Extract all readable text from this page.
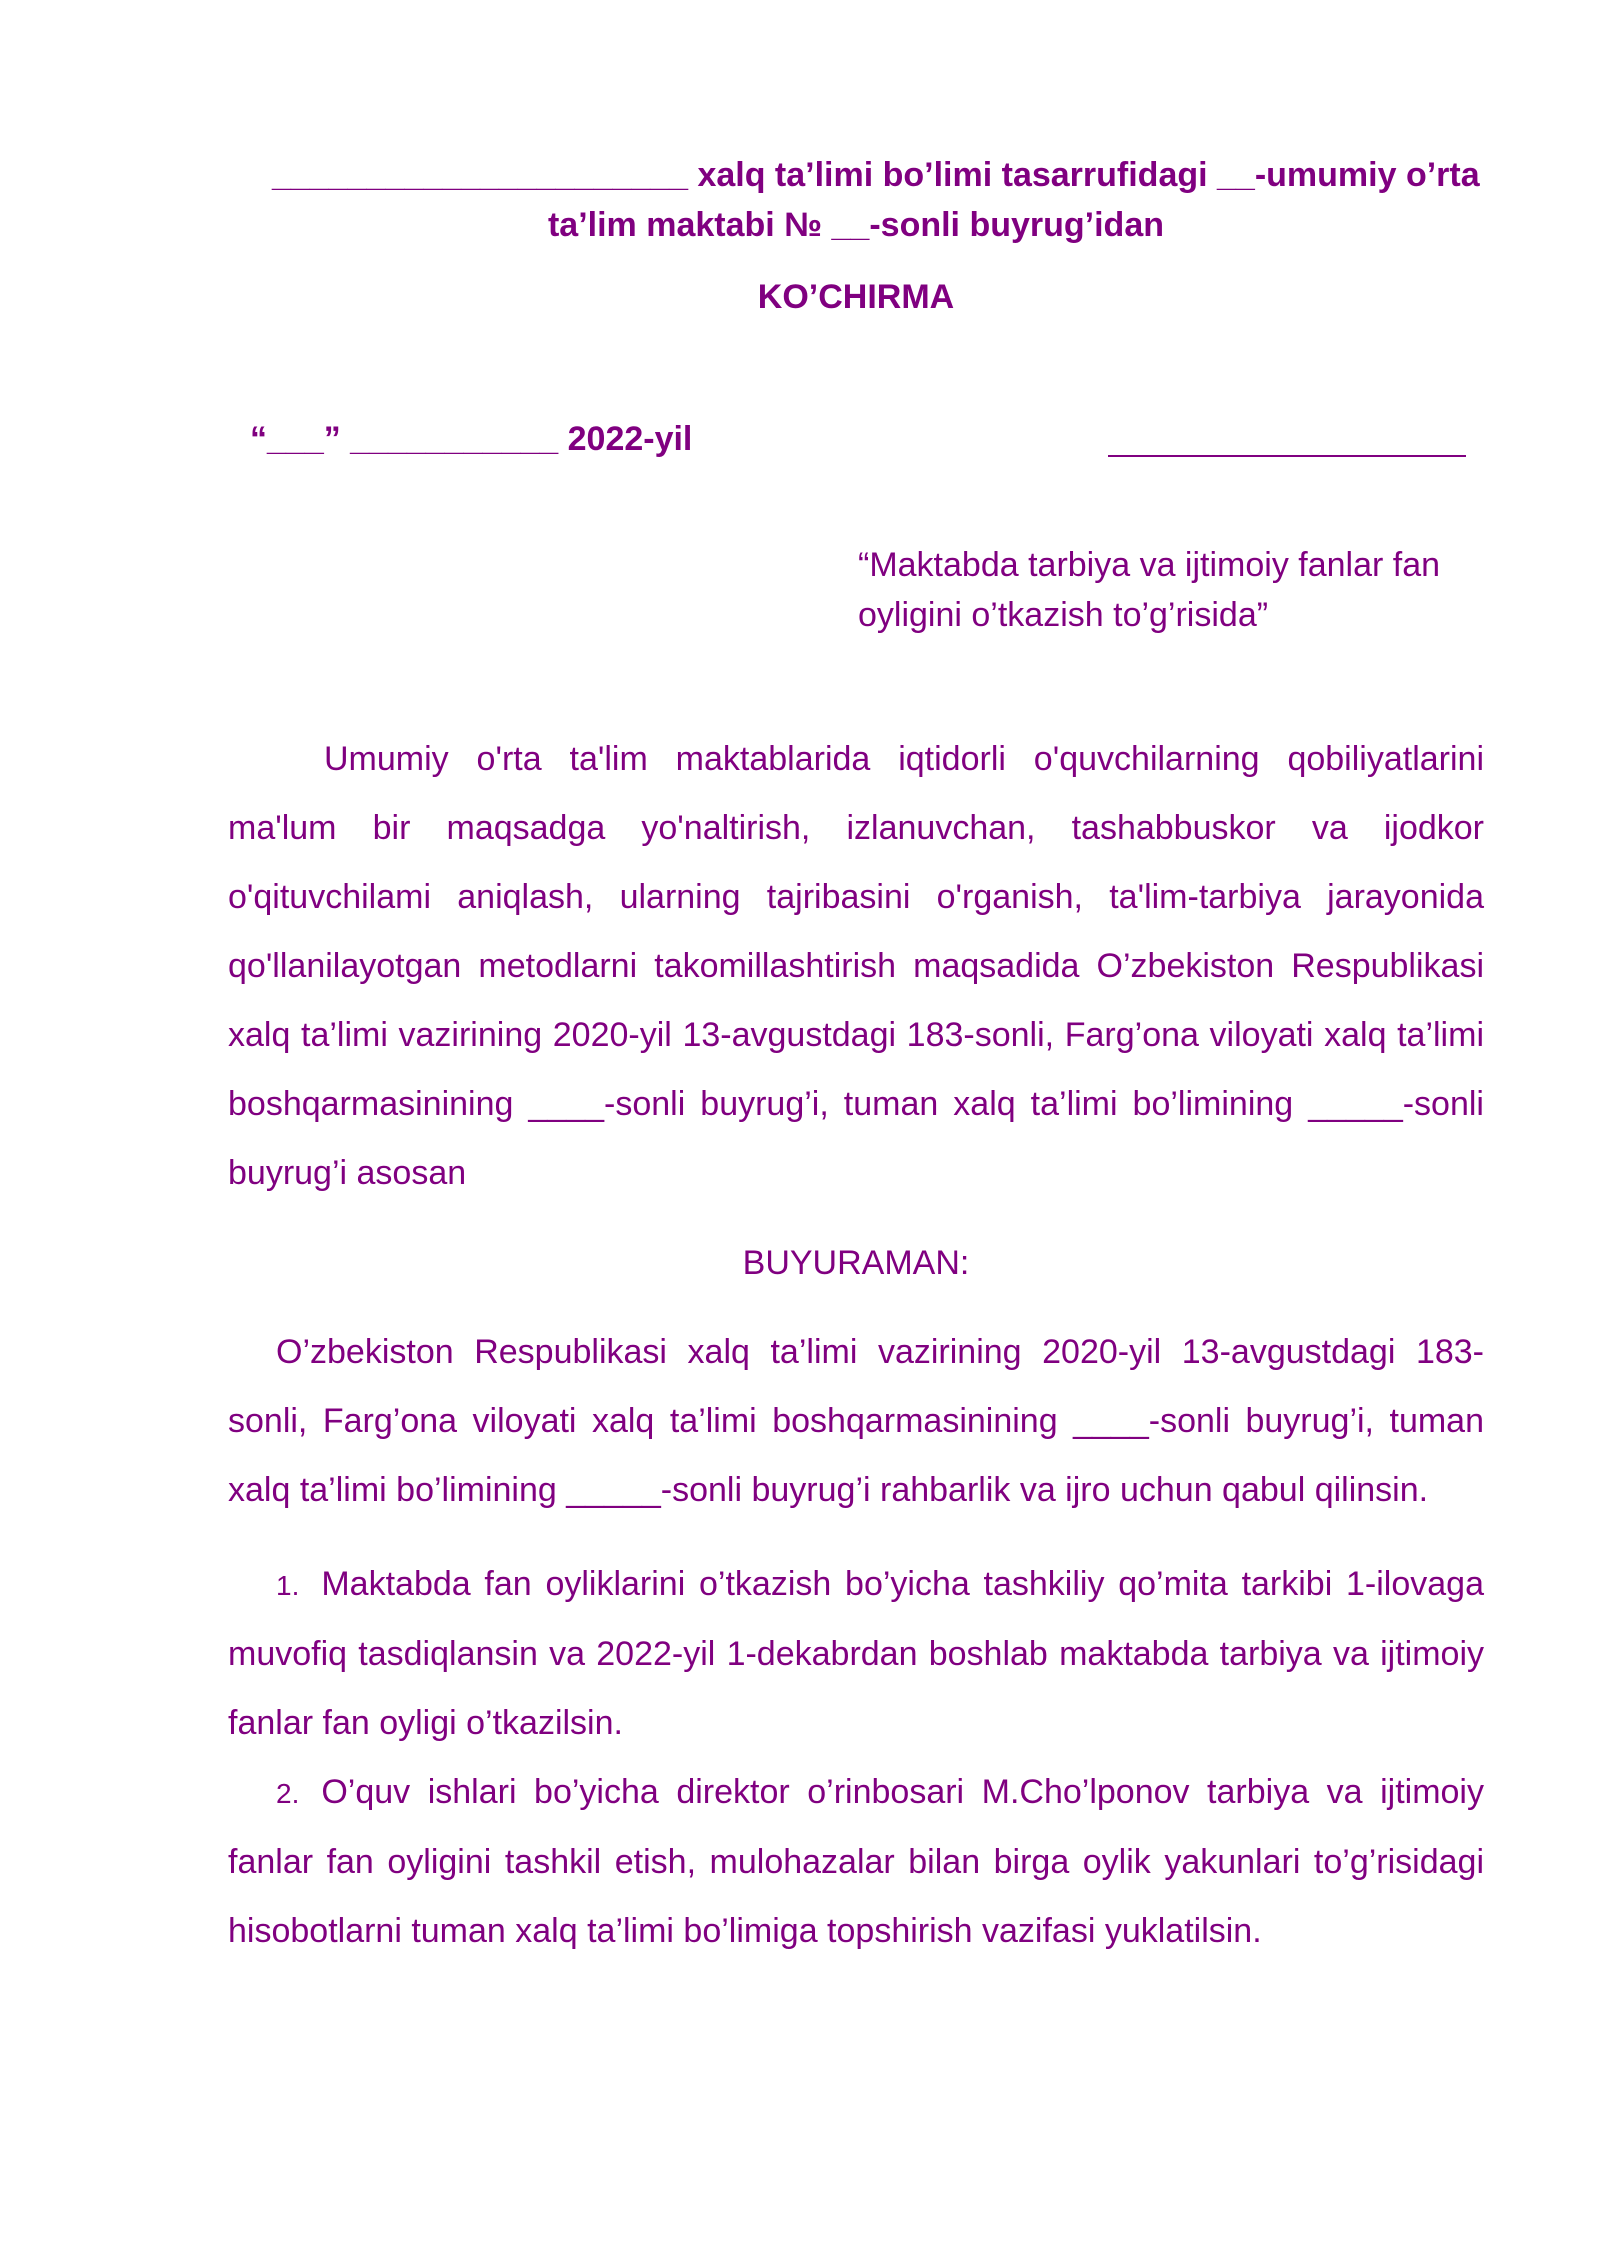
______________________ xalq ta’limi bo’limi tasarrufidagi __-umumiy o’rta
ta’lim maktabi № __-sonli buyrug’idan
KO’CHIRMA
“___” ___________ 2022-yil
“Maktabda tarbiya va ijtimoiy fanlar fan oyligini o’tkazish to’g’risida”
Umumiy o'rta ta'lim maktablarida iqtidorli o'quvchilarning qobiliyatlarini ma'lum bir maqsadga yo'naltirish, izlanuvchan, tashabbuskor va ijodkor o'qituvchilami aniqlash, ularning tajribasini o'rganish, ta'lim-tarbiya jarayonida qo'llanilayotgan metodlarni takomillashtirish maqsadida O’zbekiston Respublikasi xalq ta’limi vazirining 2020-yil 13-avgustdagi 183-sonli, Farg’ona viloyati xalq ta’limi boshqarmasinining ____-sonli buyrug’i, tuman xalq ta’limi bo’limining _____-sonli buyrug’i asosan
BUYURAMAN:
O’zbekiston Respublikasi xalq ta’limi vazirining 2020-yil 13-avgustdagi 183-sonli, Farg’ona viloyati xalq ta’limi boshqarmasinining ____-sonli buyrug’i, tuman xalq ta’limi bo’limining _____-sonli buyrug’i rahbarlik va ijro uchun qabul qilinsin.
1. Maktabda fan oyliklarini o’tkazish bo’yicha tashkiliy qo’mita tarkibi 1-ilovaga muvofiq tasdiqlansin va 2022-yil 1-dekabrdan boshlab maktabda tarbiya va ijtimoiy fanlar fan oyligi o’tkazilsin.
2. O’quv ishlari bo’yicha direktor o’rinbosari M.Cho’lponov tarbiya va ijtimoiy fanlar fan oyligini tashkil etish, mulohazalar bilan birga oylik yakunlari to’g’risidagi hisobotlarni tuman xalq ta’limi bo’limiga topshirish vazifasi yuklatilsin.
